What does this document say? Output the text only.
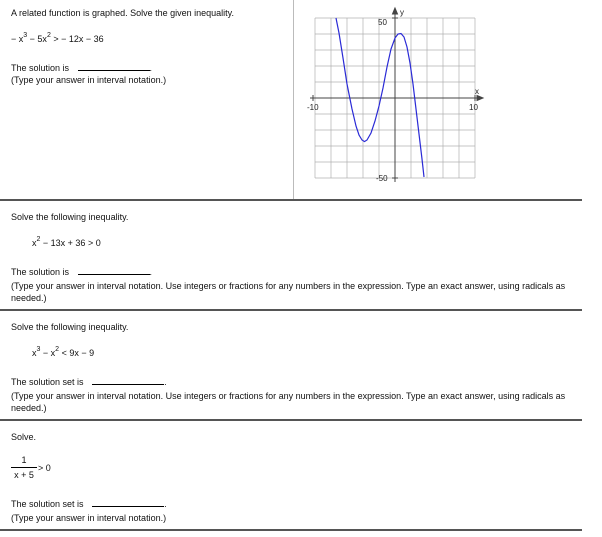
A related function is graphed. Solve the given inequality.
− $x^3 - 5x^2$ > − 12x − 36
The solution is	.
(Type your answer in interval notation.)
50
-50
-10	10
x
y
Solve the following inequality.
$x^2 - 13x + 36 > 0$
The solution is	.
(Type your answer in interval notation. Use integers or fractions for any numbers in the expression. Type an exact answer, using radicals as needed.)
Solve the following inequality.
$x^3 - x^2 < 9x - 9$
The solution set is	.
(Type your answer in interval notation. Use integers or fractions for any numbers in the expression. Type an exact answer, using radicals as needed.)
Solve.
1
x + 5
> 0
The solution set is	.
(Type your answer in interval notation.)
